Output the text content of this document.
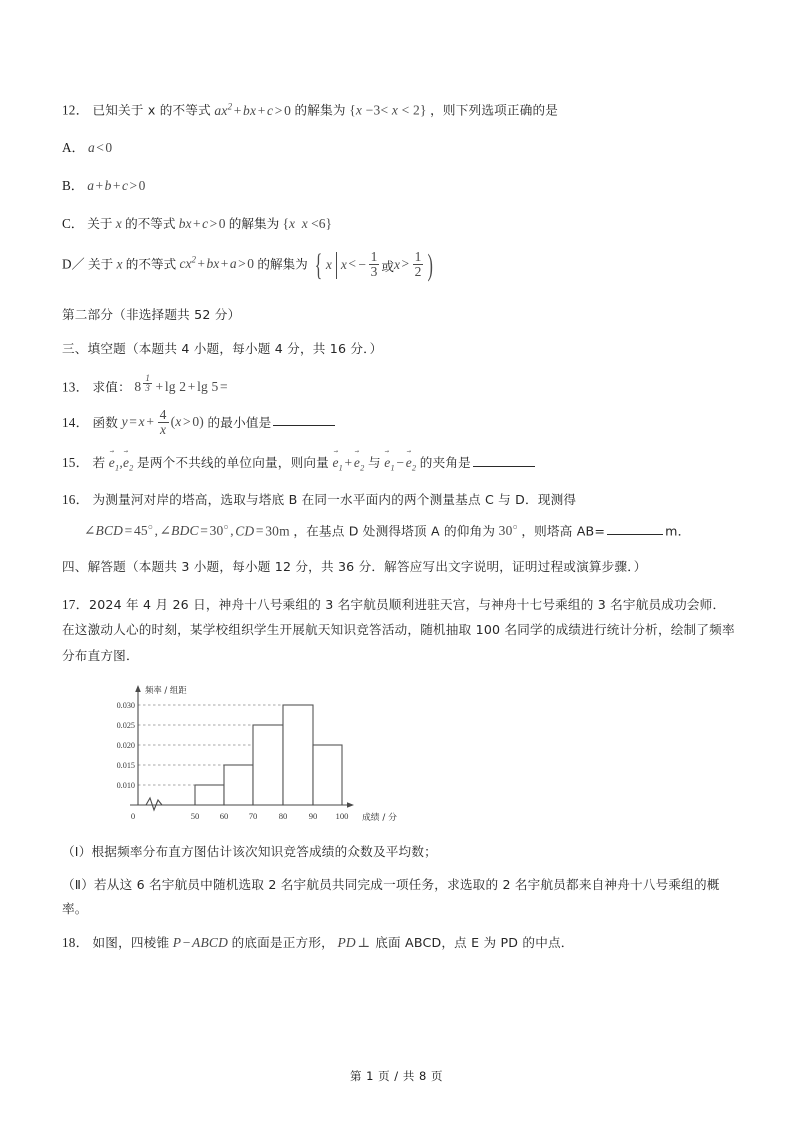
12． 已知关于 x 的不等式 $ax^2$ + bx + c > 0 的解集为 {x −3< x < 2} ，则下列选项正确的是

A． a < 0

B． a + b + c > 0

C． 关于 x 的不等式 bx + c > 0 的解集为 {x x <6}

D／ 关于 x 的不等式 $cx^2$ + bx + a > 0 的解集为 { x x < − $\frac{1}{3}$ 或 $x > \frac{1}{2}$ )

第二部分（非选择题共 52 分）

三、填空题（本题共 4 小题，每小题 4 分，共 16 分．）

13． 求值： 8 $^{\frac{1}{3}}$ + lg 2 + lg 5 =

14． 函数 $y = x + \frac{4}{x} (x > 0)$ 的最小值是

15． 若 → $e_1,\to e_2$ 是两个不共线的单位向量，则向量 → $e_1$ + → $e_2$ 与 → $e_1$ − → $e_2$ 的夹角是

16． 为测量河对岸的塔高，选取与塔底 B 在同一水平面内的两个测量基点 C 与 D．现测得

∠BCD = 45○ , ∠BDC = 30○ , CD = 30m ，在基点 D 处测得塔顶 A 的仰角为 30○ ，则塔高 AB=	m．

四、解答题（本题共 3 小题，每小题 12 分，共 36 分．解答应写出文字说明，证明过程或演算步骤．）

17．2024 年 4 月 26 日，神舟十八号乘组的 3 名宇航员顺利进驻天宫，与神舟十七号乘组的 3 名宇航员成功会师．在这激动人心的时刻，某学校组织学生开展航天知识竞答活动，随机抽取 100 名同学的成绩进行统计分析，绘制了频率分布直方图．

0.010
0.015
0.020
0.025
0.030
0	50 60 70 80 90 100
频率 / 组距
成绩 / 分

（Ⅰ）根据频率分布直方图估计该次知识竞答成绩的众数及平均数；

（Ⅱ）若从这 6 名宇航员中随机选取 2 名宇航员共同完成一项任务，求选取的 2 名宇航员都来自神舟十八号乘组的概率。

18． 如图，四棱锥 P − ABCD 的底面是正方形， PD ⊥ 底面 ABCD，点 E 为 PD 的中点．

第 1 页 / 共 8 页
